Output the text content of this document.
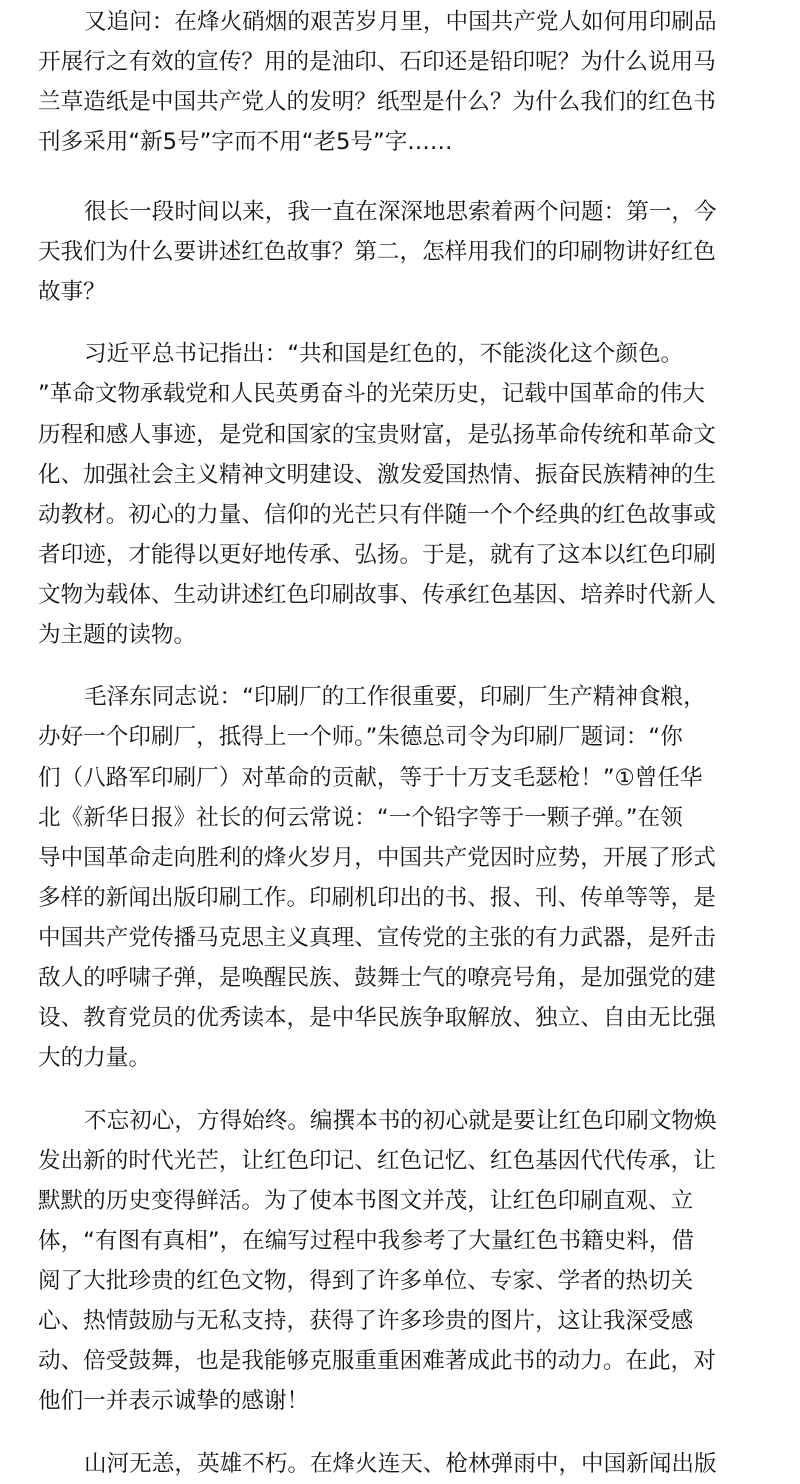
又追问：在烽火硝烟的艰苦岁月里，中国共产党人如何用印刷品
开展行之有效的宣传？用的是油印、石印还是铅印呢？为什么说用马
兰草造纸是中国共产党人的发明？纸型是什么？为什么我们的红色书
刊多采用“新5号”字而不用“老5号”字……
很长一段时间以来，我一直在深深地思索着两个问题：第一，今
天我们为什么要讲述红色故事？第二，怎样用我们的印刷物讲好红色
故事？
习近平总书记指出：“共和国是红色的，不能淡化这个颜色。
”革命文物承载党和人民英勇奋斗的光荣历史，记载中国革命的伟大
历程和感人事迹，是党和国家的宝贵财富，是弘扬革命传统和革命文
化、加强社会主义精神文明建设、激发爱国热情、振奋民族精神的生
动教材。初心的力量、信仰的光芒只有伴随一个个经典的红色故事或
者印迹，才能得以更好地传承、弘扬。于是，就有了这本以红色印刷
文物为载体、生动讲述红色印刷故事、传承红色基因、培养时代新人
为主题的读物。
毛泽东同志说：“印刷厂的工作很重要，印刷厂生产精神食粮，
办好一个印刷厂，抵得上一个师。”朱德总司令为印刷厂题词：“你
们（八路军印刷厂）对革命的贡献，等于十万支毛瑟枪！”①曾任华
北《新华日报》社长的何云常说：“一个铅字等于一颗子弹。”在领
导中国革命走向胜利的烽火岁月，中国共产党因时应势，开展了形式
多样的新闻出版印刷工作。印刷机印出的书、报、刊、传单等等，是
中国共产党传播马克思主义真理、宣传党的主张的有力武器，是歼击
敌人的呼啸子弹，是唤醒民族、鼓舞士气的嘹亮号角，是加强党的建
设、教育党员的优秀读本，是中华民族争取解放、独立、自由无比强
大的力量。
不忘初心，方得始终。编撰本书的初心就是要让红色印刷文物焕
发出新的时代光芒，让红色印记、红色记忆、红色基因代代传承，让
默默的历史变得鲜活。为了使本书图文并茂，让红色印刷直观、立
体，“有图有真相”，在编写过程中我参考了大量红色书籍史料，借
阅了大批珍贵的红色文物，得到了许多单位、专家、学者的热切关
心、热情鼓励与无私支持，获得了许多珍贵的图片，这让我深受感
动、倍受鼓舞，也是我能够克服重重困难著成此书的动力。在此，对
他们一并表示诚挚的感谢！
山河无恙，英雄不朽。在烽火连天、枪林弹雨中，中国新闻出版
